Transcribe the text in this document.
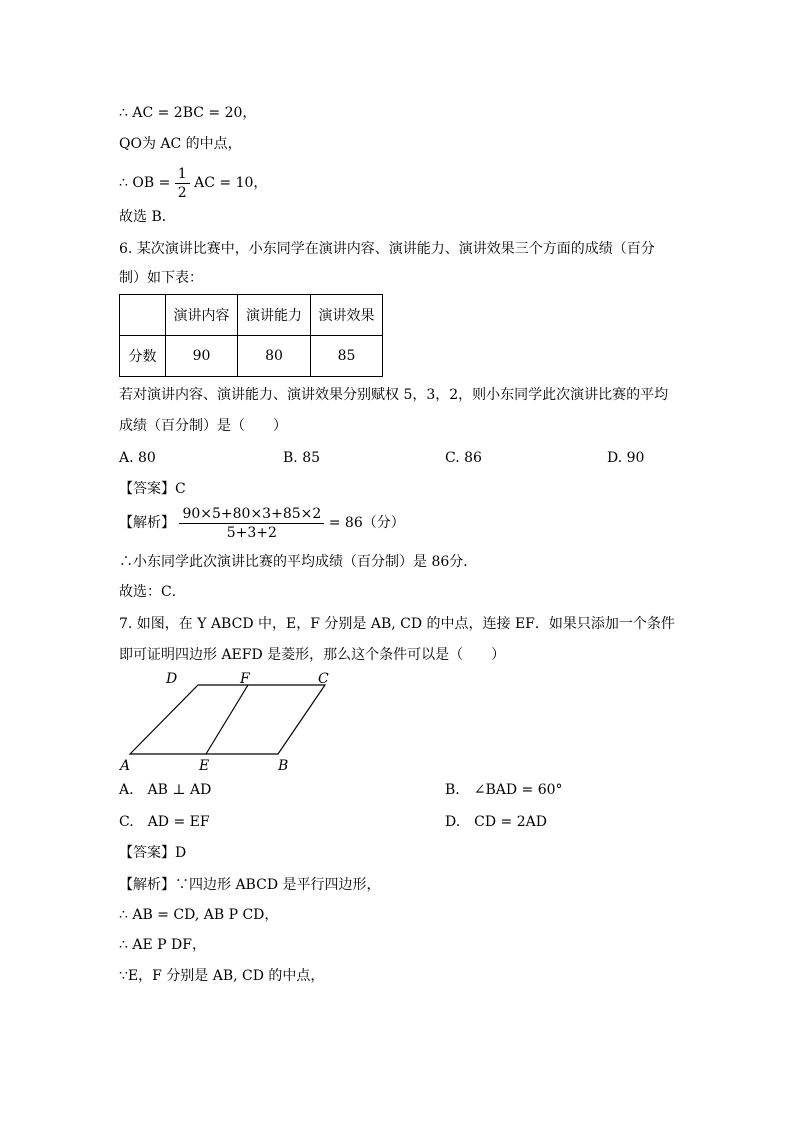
∴ AC = 2BC = 20，
QO为 AC 的中点，
∴ OB = $\frac{1}{2}$ AC = 10，
故选 B．
6. 某次演讲比赛中，小东同学在演讲内容、演讲能力、演讲效果三个方面的成绩（百分
制）如下表：
	演讲内容	演讲能力	演讲效果
分数	90	80	85
若对演讲内容、演讲能力、演讲效果分别赋权 5，3，2，则小东同学此次演讲比赛的平均
成绩（百分制）是（　　）
A. 80	B. 85	C. 86	D. 90
【答案】C
【解析】 $\frac{90\times 5+80\times 3+85\times 2}{5+3+2} = 86$（分）
∴小东同学此次演讲比赛的平均成绩（百分制）是 86分．
故选：C．
7. 如图，在 Y ABCD 中，E，F 分别是 AB, CD 的中点，连接 EF．如果只添加一个条件
即可证明四边形 AEFD 是菱形，那么这个条件可以是（　　）
D	F	C
A	E	B
A.　AB ⊥ AD	B.　∠BAD = 60°
C.　AD = EF	D.　CD = 2AD
【答案】D
【解析】∵四边形 ABCD 是平行四边形，
∴ AB = CD, AB P CD，
∴ AE P DF，
∵E，F 分别是 AB, CD 的中点，
